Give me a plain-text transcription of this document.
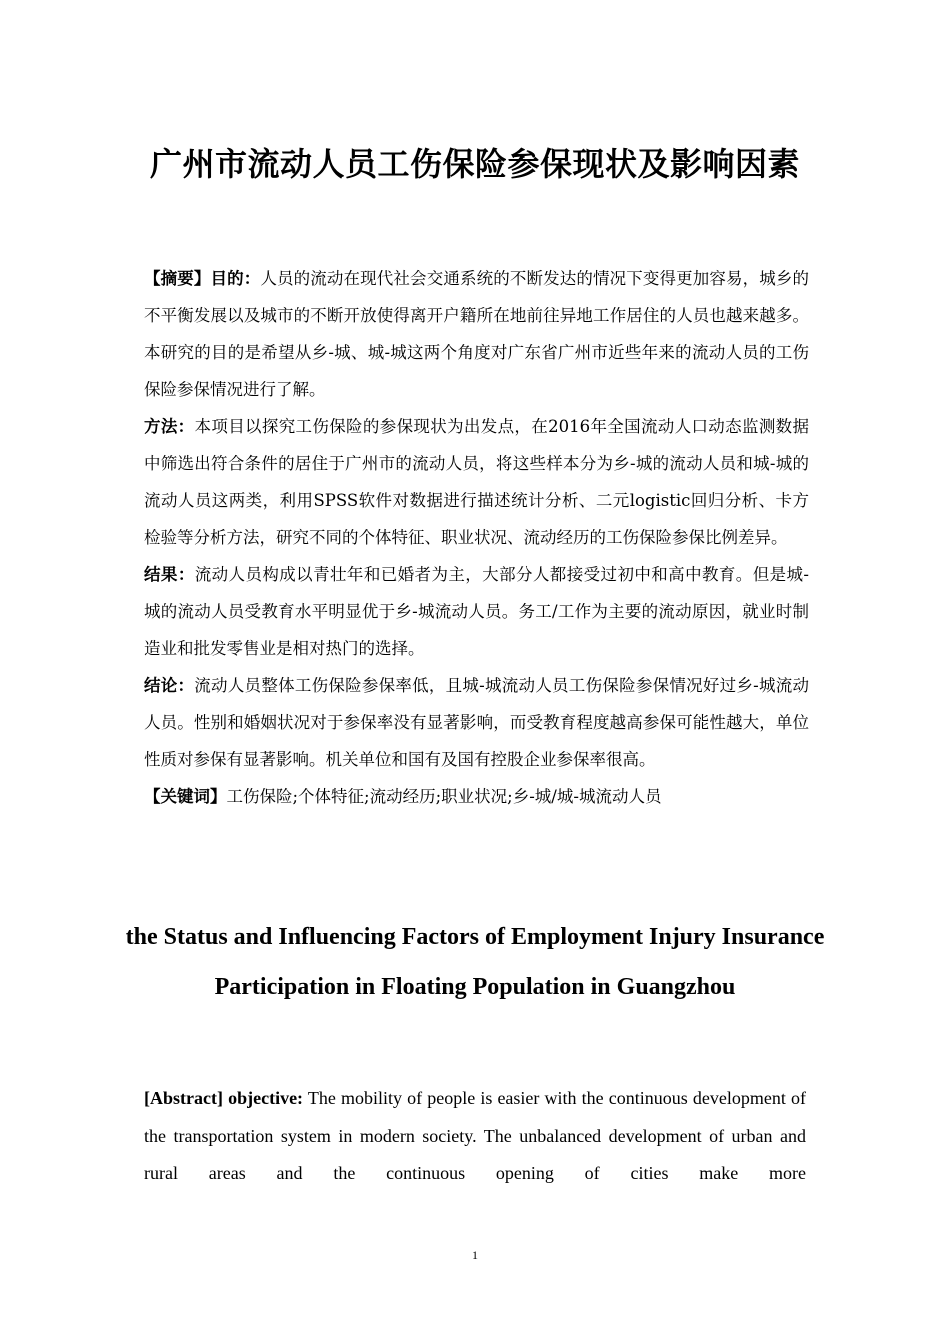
广州市流动人员工伤保险参保现状及影响因素

【摘要】目的：人员的流动在现代社会交通系统的不断发达的情况下变得更加容易，城乡的不平衡发展以及城市的不断开放使得离开户籍所在地前往异地工作居住的人员也越来越多。本研究的目的是希望从乡-城、城-城这两个角度对广东省广州市近些年来的流动人员的工伤保险参保情况进行了解。

方法：本项目以探究工伤保险的参保现状为出发点，在2016年全国流动人口动态监测数据中筛选出符合条件的居住于广州市的流动人员，将这些样本分为乡-城的流动人员和城-城的流动人员这两类，利用SPSS软件对数据进行描述统计分析、二元logistic回归分析、卡方检验等分析方法，研究不同的个体特征、职业状况、流动经历的工伤保险参保比例差异。

结果：流动人员构成以青壮年和已婚者为主，大部分人都接受过初中和高中教育。但是城-城的流动人员受教育水平明显优于乡-城流动人员。务工/工作为主要的流动原因，就业时制造业和批发零售业是相对热门的选择。

结论：流动人员整体工伤保险参保率低，且城-城流动人员工伤保险参保情况好过乡-城流动人员。性别和婚姻状况对于参保率没有显著影响，而受教育程度越高参保可能性越大，单位性质对参保有显著影响。机关单位和国有及国有控股企业参保率很高。

【关键词】工伤保险;个体特征;流动经历;职业状况;乡-城/城-城流动人员

the Status and Influencing Factors of Employment Injury Insurance Participation in Floating Population in Guangzhou

[Abstract] objective: The mobility of people is easier with the continuous development of the transportation system in modern society. The unbalanced development of urban and rural areas and the continuous opening of cities make more

1
